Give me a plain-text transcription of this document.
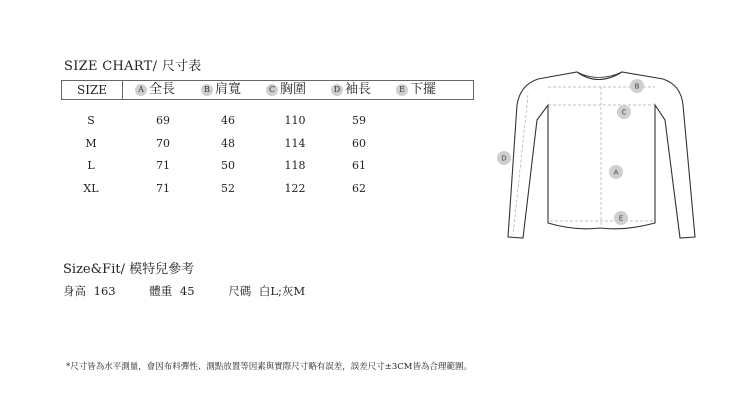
SIZE CHART/ 尺寸表
SIZE	A 全長	B 肩寬	C 胸圍	D 袖長	E 下擺
S	69	46	110	59
M	70	48	114	60
L	71	50	118	61
XL	71	52	122	62
B
C
D
A
E
Size&Fit/ 模特兒參考
身高 163	體重 45	尺碼 白L;灰M
*尺寸皆為水平測量，會因布料彈性、測點放置等因素與實際尺寸略有誤差，誤差尺寸±3CM皆為合理範圍。
